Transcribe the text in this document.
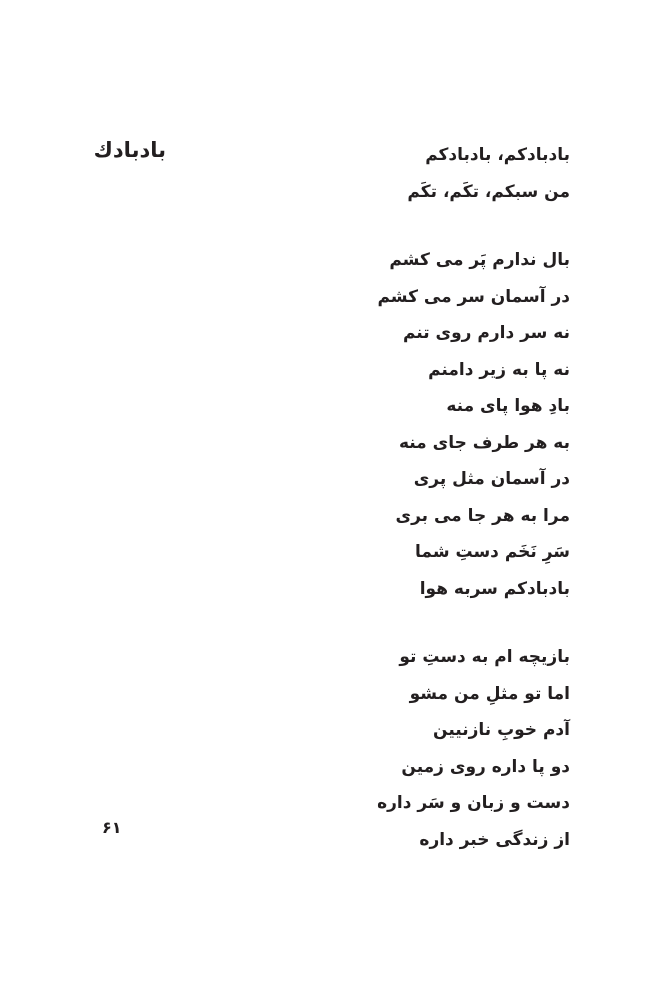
بادبادك	بادبادکم، بادبادکم
من سبکم، تکَم، تکَم
بال ندارم پَر می کشم
در آسمان سر می کشم
نه سر دارم روی تنم
نه پا به زیر دامنم
بادِ هوا پای منه
به هر طرف جای منه
در آسمان مثل پری
مرا به هر جا می بری
سَرِ نَخَم دستِ شما
بادبادکم سربه هوا
بازیچه ام به دستِ تو
اما تو مثلِ من مشو
آدم خوبِ نازنیین
دو پا داره روی زمین
دست و زبان و سَر داره
از زندگی خبر داره
۶۱
